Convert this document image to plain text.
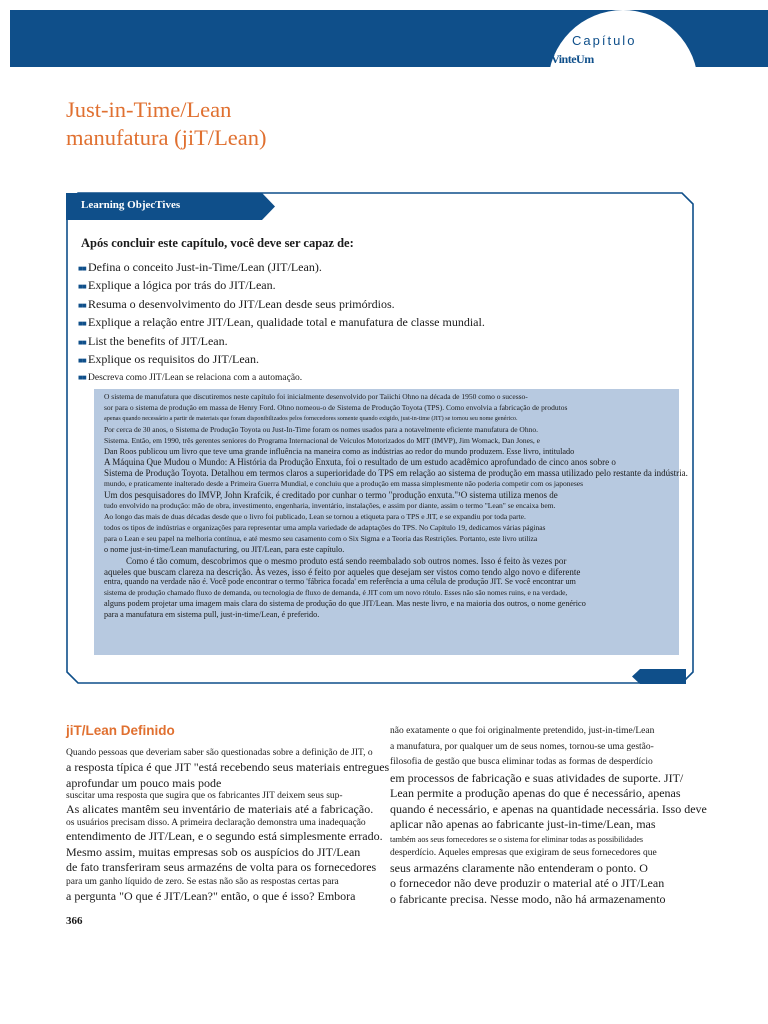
Capítulo
VinteUm
Just-in-Time/Lean
manufatura (jiT/Lean)
Learning ObjecTives

Após concluir este capítulo, você deve ser capaz de:

■■ Defina o conceito Just-in-Time/Lean (JIT/Lean).
■■ Explique a lógica por trás do JIT/Lean.
■■ Resuma o desenvolvimento do JIT/Lean desde seus primórdios.
■■ Explique a relação entre JIT/Lean, qualidade total e manufatura de classe mundial.
■■ List the benefits of JIT/Lean.
■■ Explique os requisitos do JIT/Lean.
■■ Descreva como JIT/Lean se relaciona com a automação.
O sistema de manufatura que discutiremos neste capítulo foi inicialmente desenvolvido por Taiichi Ohno na década de 1950 como o sucesso-
sor para o sistema de produção em massa de Henry Ford. Ohno nomeou-o de Sistema de Produção Toyota (TPS). Como envolvia a fabricação de produtos
apenas quando necessário a partir de materiais que foram disponibilizados pelos fornecedores somente quando exigido, just-in-time (JIT) se tornou seu nome genérico.
Por cerca de 30 anos, o Sistema de Produção Toyota ou Just-In-Time foram os nomes usados para a notavelmente eficiente manufatura de Ohno.
Sistema. Então, em 1990, três gerentes seniores do Programa Internacional de Veículos Motorizados do MIT (IMVP), Jim Womack, Dan Jones, e
Dan Roos publicou um livro que teve uma grande influência na maneira como as indústrias ao redor do mundo produzem. Esse livro, intitulado
A Máquina Que Mudou o Mundo: A História da Produção Enxuta, foi o resultado de um estudo acadêmico aprofundado de cinco anos sobre o
Sistema de Produção Toyota. Detalhou em termos claros a superioridade do TPS em relação ao sistema de produção em massa utilizado pelo restante da indústria.
mundo, e praticamente inalterado desde a Primeira Guerra Mundial, e concluiu que a produção em massa simplesmente não poderia competir com os japoneses
Um dos pesquisadores do IMVP, John Krafcik, é creditado por cunhar o termo "produção enxuta."¹O sistema utiliza menos de
tudo envolvido na produção: mão de obra, investimento, engenharia, inventário, instalações, e assim por diante, assim o termo "Lean" se encaixa bem.
Ao longo das mais de duas décadas desde que o livro foi publicado, Lean se tornou a etiqueta para o TPS e JIT, e se expandiu por toda parte.
todos os tipos de indústrias e organizações para representar uma ampla variedade de adaptações do TPS. No Capítulo 19, dedicamos várias páginas
para o Lean e seu papel na melhoria contínua, e até mesmo seu casamento com o Six Sigma e a Teoria das Restrições. Portanto, este livro utiliza
o nome just-in-time/Lean manufacturing, ou JIT/Lean, para este capítulo.
Como é tão comum, descobrimos que o mesmo produto está sendo reembalado sob outros nomes. Isso é feito às vezes por
aqueles que buscam clareza na descrição. Às vezes, isso é feito por aqueles que desejam ser vistos como tendo algo novo e diferente
entra, quando na verdade não é. Você pode encontrar o termo 'fábrica focada' em referência a uma célula de produção JIT. Se você encontrar um
sistema de produção chamado fluxo de demanda, ou tecnologia de fluxo de demanda, é JIT com um novo rótulo. Esses não são nomes ruins, e na verdade,
alguns podem projetar uma imagem mais clara do sistema de produção do que JIT/Lean. Mas neste livro, e na maioria dos outros, o nome genérico
para a manufatura em sistema pull, just-in-time/Lean, é preferido.
jiT/Lean Definido
Quando pessoas que deveriam saber são questionadas sobre a definição de JIT, o
a resposta típica é que JIT "está recebendo seus materiais entregues
aprofundar um pouco mais pode
suscitar uma resposta que sugira que os fabricantes JIT deixem seus sup-
As alicates mantêm seu inventário de materiais até a fabricação.
os usuários precisam disso. A primeira declaração demonstra uma inadequação
entendimento de JIT/Lean, e o segundo está simplesmente errado.
Mesmo assim, muitas empresas sob os auspícios do JIT/Lean
de fato transferiram seus armazéns de volta para os fornecedores
para um ganho líquido de zero. Se estas não são as respostas certas para
a pergunta "O que é JIT/Lean?" então, o que é isso? Embora
não exatamente o que foi originalmente pretendido, just-in-time/Lean
a manufatura, por qualquer um de seus nomes, tornou-se uma gestão-
filosofia de gestão que busca eliminar todas as formas de desperdício
em processos de fabricação e suas atividades de suporte. JIT/
Lean permite a produção apenas do que é necessário, apenas
quando é necessário, e apenas na quantidade necessária. Isso deve
aplicar não apenas ao fabricante just-in-time/Lean, mas
também aos seus fornecedores se o sistema for eliminar todas as possibilidades
desperdício. Aqueles empresas que exigiram de seus fornecedores que
seus armazéns claramente não entenderam o ponto. O
o fornecedor não deve produzir o material até o JIT/Lean
o fabricante precisa. Nesse modo, não há armazenamento
366
